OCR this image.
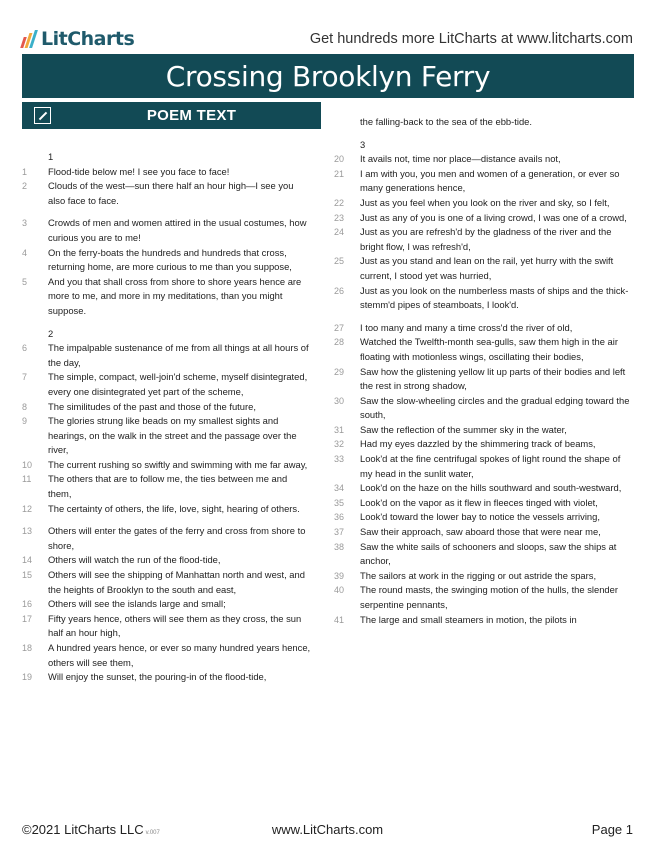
LitCharts	Get hundreds more LitCharts at www.litcharts.com
Crossing Brooklyn Ferry
POEM TEXT
1
1	Flood-tide below me! I see you face to face!
2	Clouds of the west—sun there half an hour high—I see you also face to face.
3	Crowds of men and women attired in the usual costumes, how curious you are to me!
4	On the ferry-boats the hundreds and hundreds that cross, returning home, are more curious to me than you suppose,
5	And you that shall cross from shore to shore years hence are more to me, and more in my meditations, than you might suppose.
2
6	The impalpable sustenance of me from all things at all hours of the day,
7	The simple, compact, well-join'd scheme, myself disintegrated, every one disintegrated yet part of the scheme,
8	The similitudes of the past and those of the future,
9	The glories strung like beads on my smallest sights and hearings, on the walk in the street and the passage over the river,
10	The current rushing so swiftly and swimming with me far away,
11	The others that are to follow me, the ties between me and them,
12	The certainty of others, the life, love, sight, hearing of others.
13	Others will enter the gates of the ferry and cross from shore to shore,
14	Others will watch the run of the flood-tide,
15	Others will see the shipping of Manhattan north and west, and the heights of Brooklyn to the south and east,
16	Others will see the islands large and small;
17	Fifty years hence, others will see them as they cross, the sun half an hour high,
18	A hundred years hence, or ever so many hundred years hence, others will see them,
19	Will enjoy the sunset, the pouring-in of the flood-tide,
the falling-back to the sea of the ebb-tide.
3
20	It avails not, time nor place—distance avails not,
21	I am with you, you men and women of a generation, or ever so many generations hence,
22	Just as you feel when you look on the river and sky, so I felt,
23	Just as any of you is one of a living crowd, I was one of a crowd,
24	Just as you are refresh'd by the gladness of the river and the bright flow, I was refresh'd,
25	Just as you stand and lean on the rail, yet hurry with the swift current, I stood yet was hurried,
26	Just as you look on the numberless masts of ships and the thick-stemm'd pipes of steamboats, I look'd.
27	I too many and many a time cross'd the river of old,
28	Watched the Twelfth-month sea-gulls, saw them high in the air floating with motionless wings, oscillating their bodies,
29	Saw how the glistening yellow lit up parts of their bodies and left the rest in strong shadow,
30	Saw the slow-wheeling circles and the gradual edging toward the south,
31	Saw the reflection of the summer sky in the water,
32	Had my eyes dazzled by the shimmering track of beams,
33	Look'd at the fine centrifugal spokes of light round the shape of my head in the sunlit water,
34	Look'd on the haze on the hills southward and south-westward,
35	Look'd on the vapor as it flew in fleeces tinged with violet,
36	Look'd toward the lower bay to notice the vessels arriving,
37	Saw their approach, saw aboard those that were near me,
38	Saw the white sails of schooners and sloops, saw the ships at anchor,
39	The sailors at work in the rigging or out astride the spars,
40	The round masts, the swinging motion of the hulls, the slender serpentine pennants,
41	The large and small steamers in motion, the pilots in
©2021 LitCharts LLC v.007	www.LitCharts.com	Page 1
